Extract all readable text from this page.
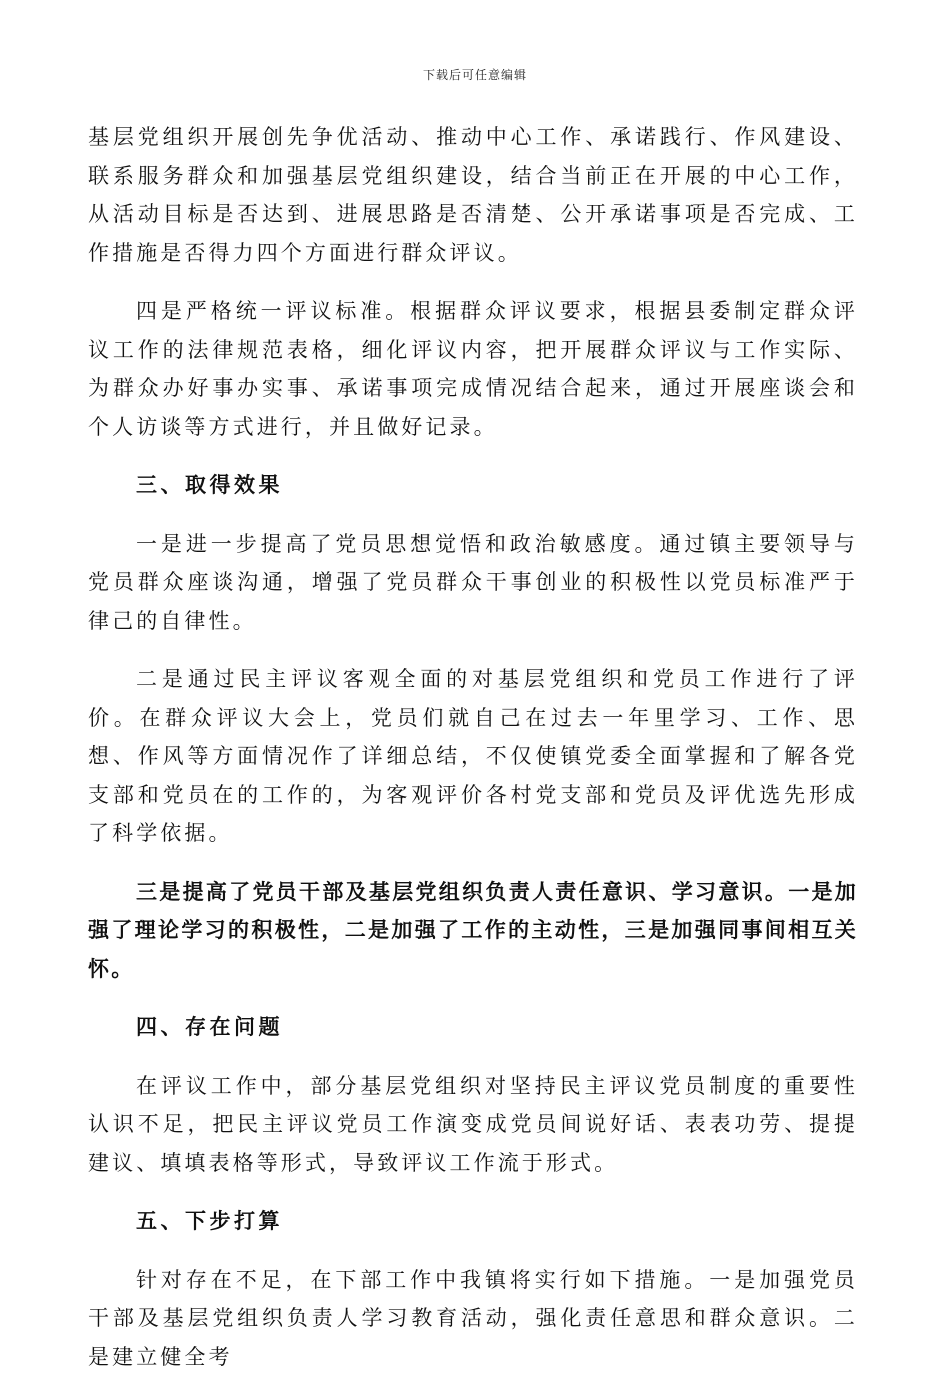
下载后可任意编辑

基层党组织开展创先争优活动、推动中心工作、承诺践行、作风建设、联系服务群众和加强基层党组织建设，结合当前正在开展的中心工作，从活动目标是否达到、进展思路是否清楚、公开承诺事项是否完成、工作措施是否得力四个方面进行群众评议。

四是严格统一评议标准。根据群众评议要求，根据县委制定群众评议工作的法律规范表格，细化评议内容，把开展群众评议与工作实际、为群众办好事办实事、承诺事项完成情况结合起来，通过开展座谈会和个人访谈等方式进行，并且做好记录。

三、取得效果

一是进一步提高了党员思想觉悟和政治敏感度。通过镇主要领导与党员群众座谈沟通，增强了党员群众干事创业的积极性以党员标准严于律己的自律性。

二是通过民主评议客观全面的对基层党组织和党员工作进行了评价。在群众评议大会上，党员们就自己在过去一年里学习、工作、思想、作风等方面情况作了详细总结，不仅使镇党委全面掌握和了解各党支部和党员在的工作的，为客观评价各村党支部和党员及评优选先形成了科学依据。

三是提高了党员干部及基层党组织负责人责任意识、学习意识。一是加强了理论学习的积极性，二是加强了工作的主动性，三是加强同事间相互关怀。

四、存在问题

在评议工作中，部分基层党组织对坚持民主评议党员制度的重要性认识不足，把民主评议党员工作演变成党员间说好话、表表功劳、提提建议、填填表格等形式，导致评议工作流于形式。

五、下步打算

针对存在不足，在下部工作中我镇将实行如下措施。一是加强党员干部及基层党组织负责人学习教育活动，强化责任意思和群众意识。二是建立健全考
